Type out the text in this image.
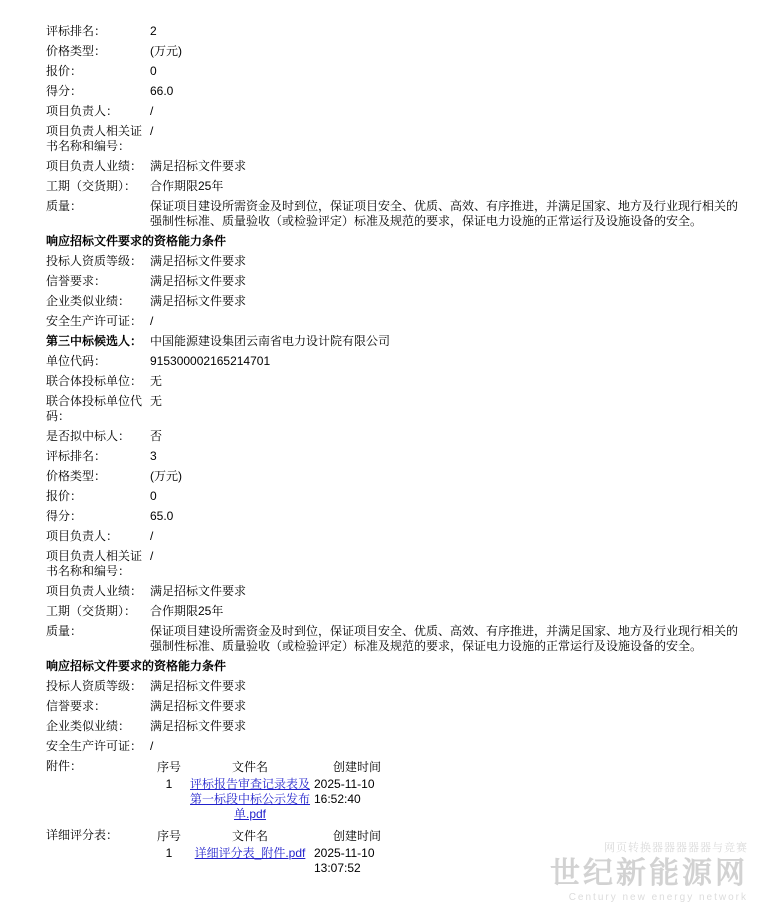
评标排名：	2
价格类型：	(万元)
报价：	0
得分：	66.0
项目负责人：	/
项目负责人相关证书名称和编号：	/
项目负责人业绩：	满足招标文件要求
工期（交货期）：	合作期限25年
质量：	保证项目建设所需资金及时到位，保证项目安全、优质、高效、有序推进，并满足国家、地方及行业现行相关的强制性标准、质量验收（或检验评定）标准及规范的要求，保证电力设施的正常运行及设施设备的安全。
响应招标文件要求的资格能力条件
投标人资质等级：	满足招标文件要求
信誉要求：	满足招标文件要求
企业类似业绩：	满足招标文件要求
安全生产许可证：	/
第三中标候选人：	中国能源建设集团云南省电力设计院有限公司
单位代码：	915300002165214701
联合体投标单位：	无
联合体投标单位代码：	无
是否拟中标人：	否
评标排名：	3
价格类型：	(万元)
报价：	0
得分：	65.0
项目负责人：	/
项目负责人相关证书名称和编号：	/
项目负责人业绩：	满足招标文件要求
工期（交货期）：	合作期限25年
质量：	保证项目建设所需资金及时到位，保证项目安全、优质、高效、有序推进，并满足国家、地方及行业现行相关的强制性标准、质量验收（或检验评定）标准及规范的要求，保证电力设施的正常运行及设施设备的安全。
响应招标文件要求的资格能力条件
投标人资质等级：	满足招标文件要求
信誉要求：	满足招标文件要求
企业类似业绩：	满足招标文件要求
安全生产许可证：	/
附件：		序号	文件名	创建时间
1	评标报告审查记录表及第一标段中标公示发布单.pdf	2025-11-10 16:52:40

详细评分表：		序号	文件名	创建时间
1	详细评分表_附件.pdf	2025-11-10 13:07:52
网页转换器器器器器与竞赛
世纪新能源网
Century new energy network
